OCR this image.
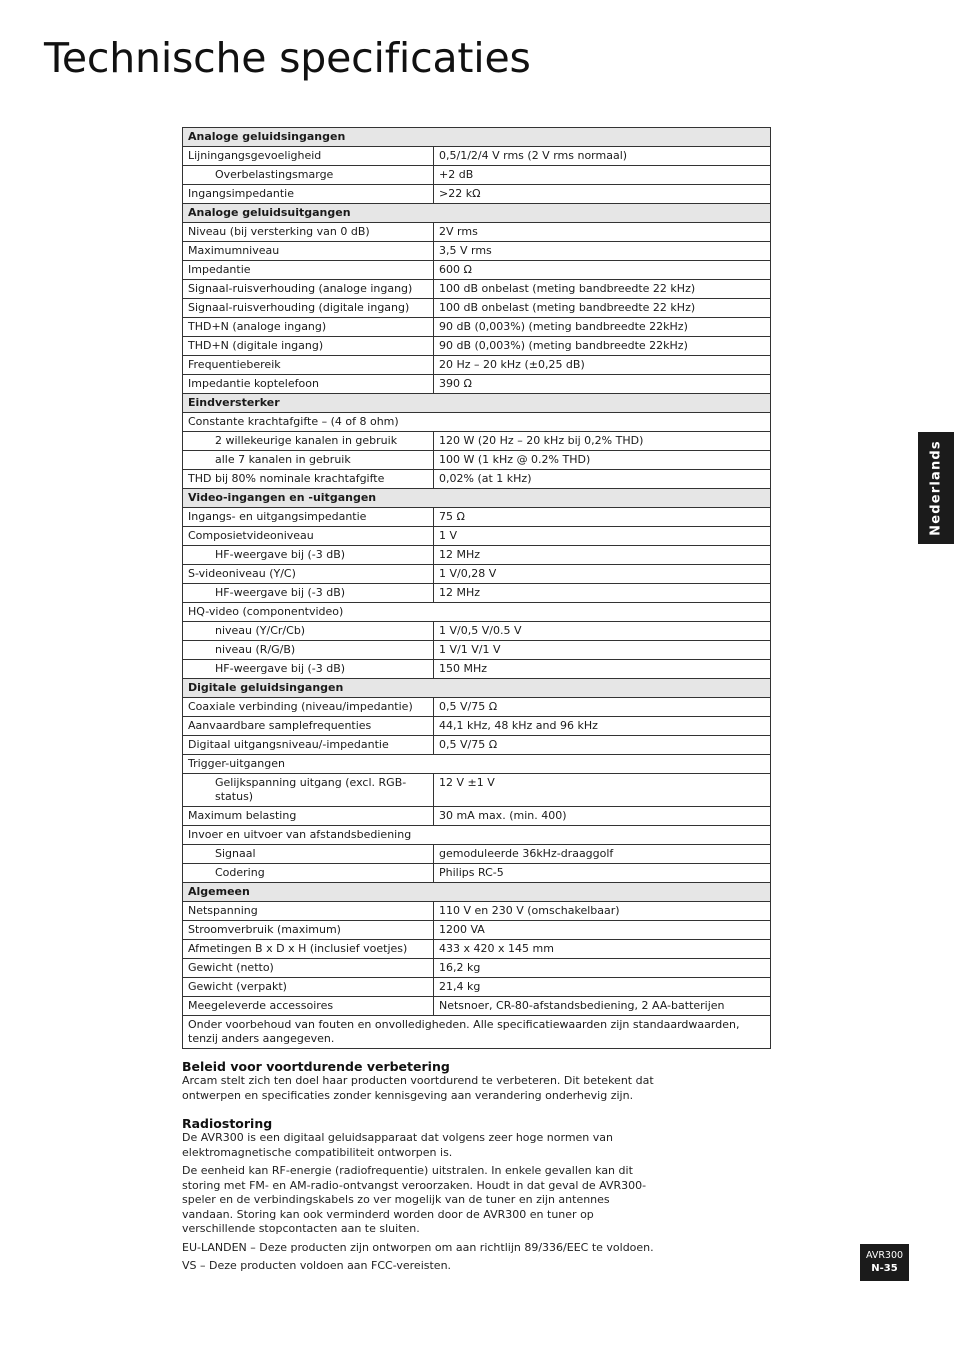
Technische specificaties
Analoge geluidsingangen	
Lijningangsgevoeligheid	0,5/1/2/4 V rms (2 V rms normaal)
Overbelastingsmarge	+2 dB
Ingangsimpedantie	>22 kΩ
Analoge geluidsuitgangen	
Niveau (bij versterking van 0 dB)	2V rms
Maximumniveau	3,5 V rms
Impedantie	600 Ω
Signaal-ruisverhouding (analoge ingang)	100 dB onbelast (meting bandbreedte 22 kHz)
Signaal-ruisverhouding (digitale ingang)	100 dB onbelast (meting bandbreedte 22 kHz)
THD+N (analoge ingang)	90 dB (0,003%) (meting bandbreedte 22kHz)
THD+N (digitale ingang)	90 dB (0,003%) (meting bandbreedte 22kHz)
Frequentiebereik	20 Hz – 20 kHz (±0,25 dB)
Impedantie koptelefoon	390 Ω
Eindversterker	
Constante krachtafgifte – (4 of 8 ohm)	
2 willekeurige kanalen in gebruik	120 W (20 Hz – 20 kHz bij 0,2% THD)
alle 7 kanalen in gebruik	100 W (1 kHz @ 0.2% THD)
THD bij 80% nominale krachtafgifte	0,02% (at 1 kHz)
Video-ingangen en -uitgangen	
Ingangs- en uitgangsimpedantie	75 Ω
Composietvideoniveau	1 V
HF-weergave bij (-3 dB)	12 MHz
S-videoniveau (Y/C)	1 V/0,28 V
HF-weergave bij (-3 dB)	12 MHz
HQ-video (componentvideo)	
niveau (Y/Cr/Cb)	1 V/0,5 V/0.5 V
niveau (R/G/B)	1 V/1 V/1 V
HF-weergave bij (-3 dB)	150 MHz
Digitale geluidsingangen	
Coaxiale verbinding (niveau/impedantie)	0,5 V/75 Ω
Aanvaardbare samplefrequenties	44,1 kHz, 48 kHz and 96 kHz
Digitaal uitgangsniveau/-impedantie	0,5 V/75 Ω
Trigger-uitgangen	
Gelijkspanning uitgang (excl. RGB-status)	12 V ±1 V
Maximum belasting	30 mA max. (min. 400)
Invoer en uitvoer van afstandsbediening	
Signaal	gemoduleerde 36kHz-draaggolf
Codering	Philips RC-5
Algemeen	
Netspanning	110 V en 230 V (omschakelbaar)
Stroomverbruik (maximum)	1200 VA
Afmetingen B x D x H (inclusief voetjes)	433 x 420 x 145 mm
Gewicht (netto)	16,2 kg
Gewicht (verpakt)	21,4 kg
Meegeleverde accessoires	Netsnoer, CR-80-afstandsbediening, 2 AA-batterijen
Onder voorbehoud van fouten en onvolledigheden. Alle specificatiewaarden zijn standaardwaarden, tenzij anders aangegeven.	
Nederlands
Beleid voor voortdurende verbetering

Arcam stelt zich ten doel haar producten voortdurend te verbeteren. Dit betekent dat ontwerpen en specificaties zonder kennisgeving aan verandering onderhevig zijn.

Radiostoring

De AVR300 is een digitaal geluidsapparaat dat volgens zeer hoge normen van elektromagnetische compatibiliteit ontworpen is.

De eenheid kan RF-energie (radiofrequentie) uitstralen. In enkele gevallen kan dit storing met FM- en AM-radio-ontvangst veroorzaken. Houdt in dat geval de AVR300-speler en de verbindingskabels zo ver mogelijk van de tuner en zijn antennes vandaan. Storing kan ook verminderd worden door de AVR300 en tuner op verschillende stopcontacten aan te sluiten.

EU-LANDEN – Deze producten zijn ontworpen om aan richtlijn 89/336/EEC te voldoen.

VS – Deze producten voldoen aan FCC-vereisten.

AVR300
N-35
